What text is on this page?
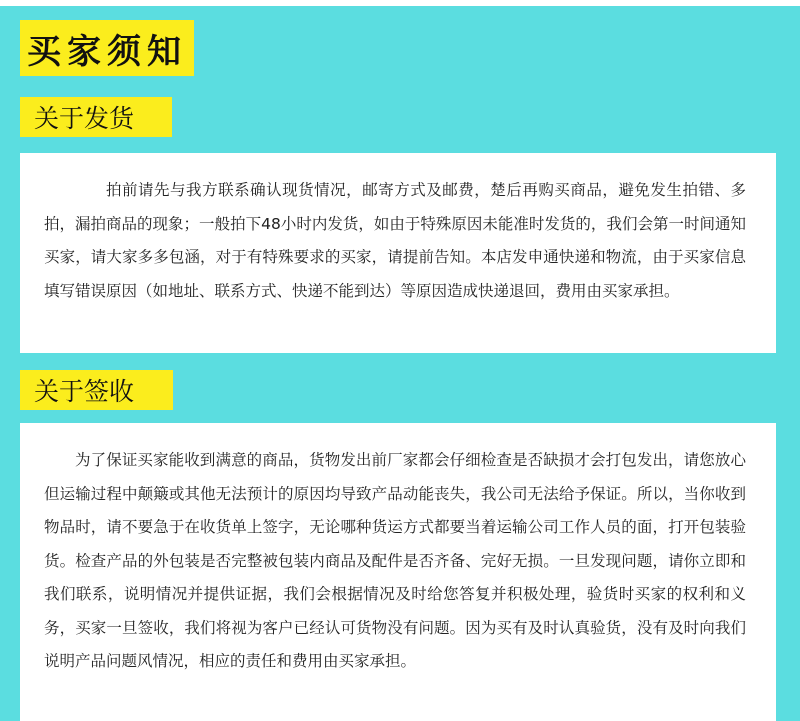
买家须知
关于发货
拍前请先与我方联系确认现货情况，邮寄方式及邮费，楚后再购买商品，避免发生拍错、多拍，漏拍商品的现象；一般拍下48小时内发货，如由于特殊原因未能准时发货的，我们会第一时间通知买家，请大家多多包涵，对于有特殊要求的买家，请提前告知。本店发申通快递和物流，由于买家信息填写错误原因（如地址、联系方式、快递不能到达）等原因造成快递退回，费用由买家承担。
关于签收
为了保证买家能收到满意的商品，货物发出前厂家都会仔细检查是否缺损才会打包发出，请您放心但运输过程中颠簸或其他无法预计的原因均导致产品动能丧失，我公司无法给予保证。所以，当你收到物品时，请不要急于在收货单上签字，无论哪种货运方式都要当着运输公司工作人员的面，打开包装验货。检查产品的外包装是否完整被包装内商品及配件是否齐备、完好无损。一旦发现问题，请你立即和我们联系，说明情况并提供证据，我们会根据情况及时给您答复并积极处理，验货时买家的权利和义务，买家一旦签收，我们将视为客户已经认可货物没有问题。因为买有及时认真验货，没有及时向我们说明产品问题风情况，相应的责任和费用由买家承担。
